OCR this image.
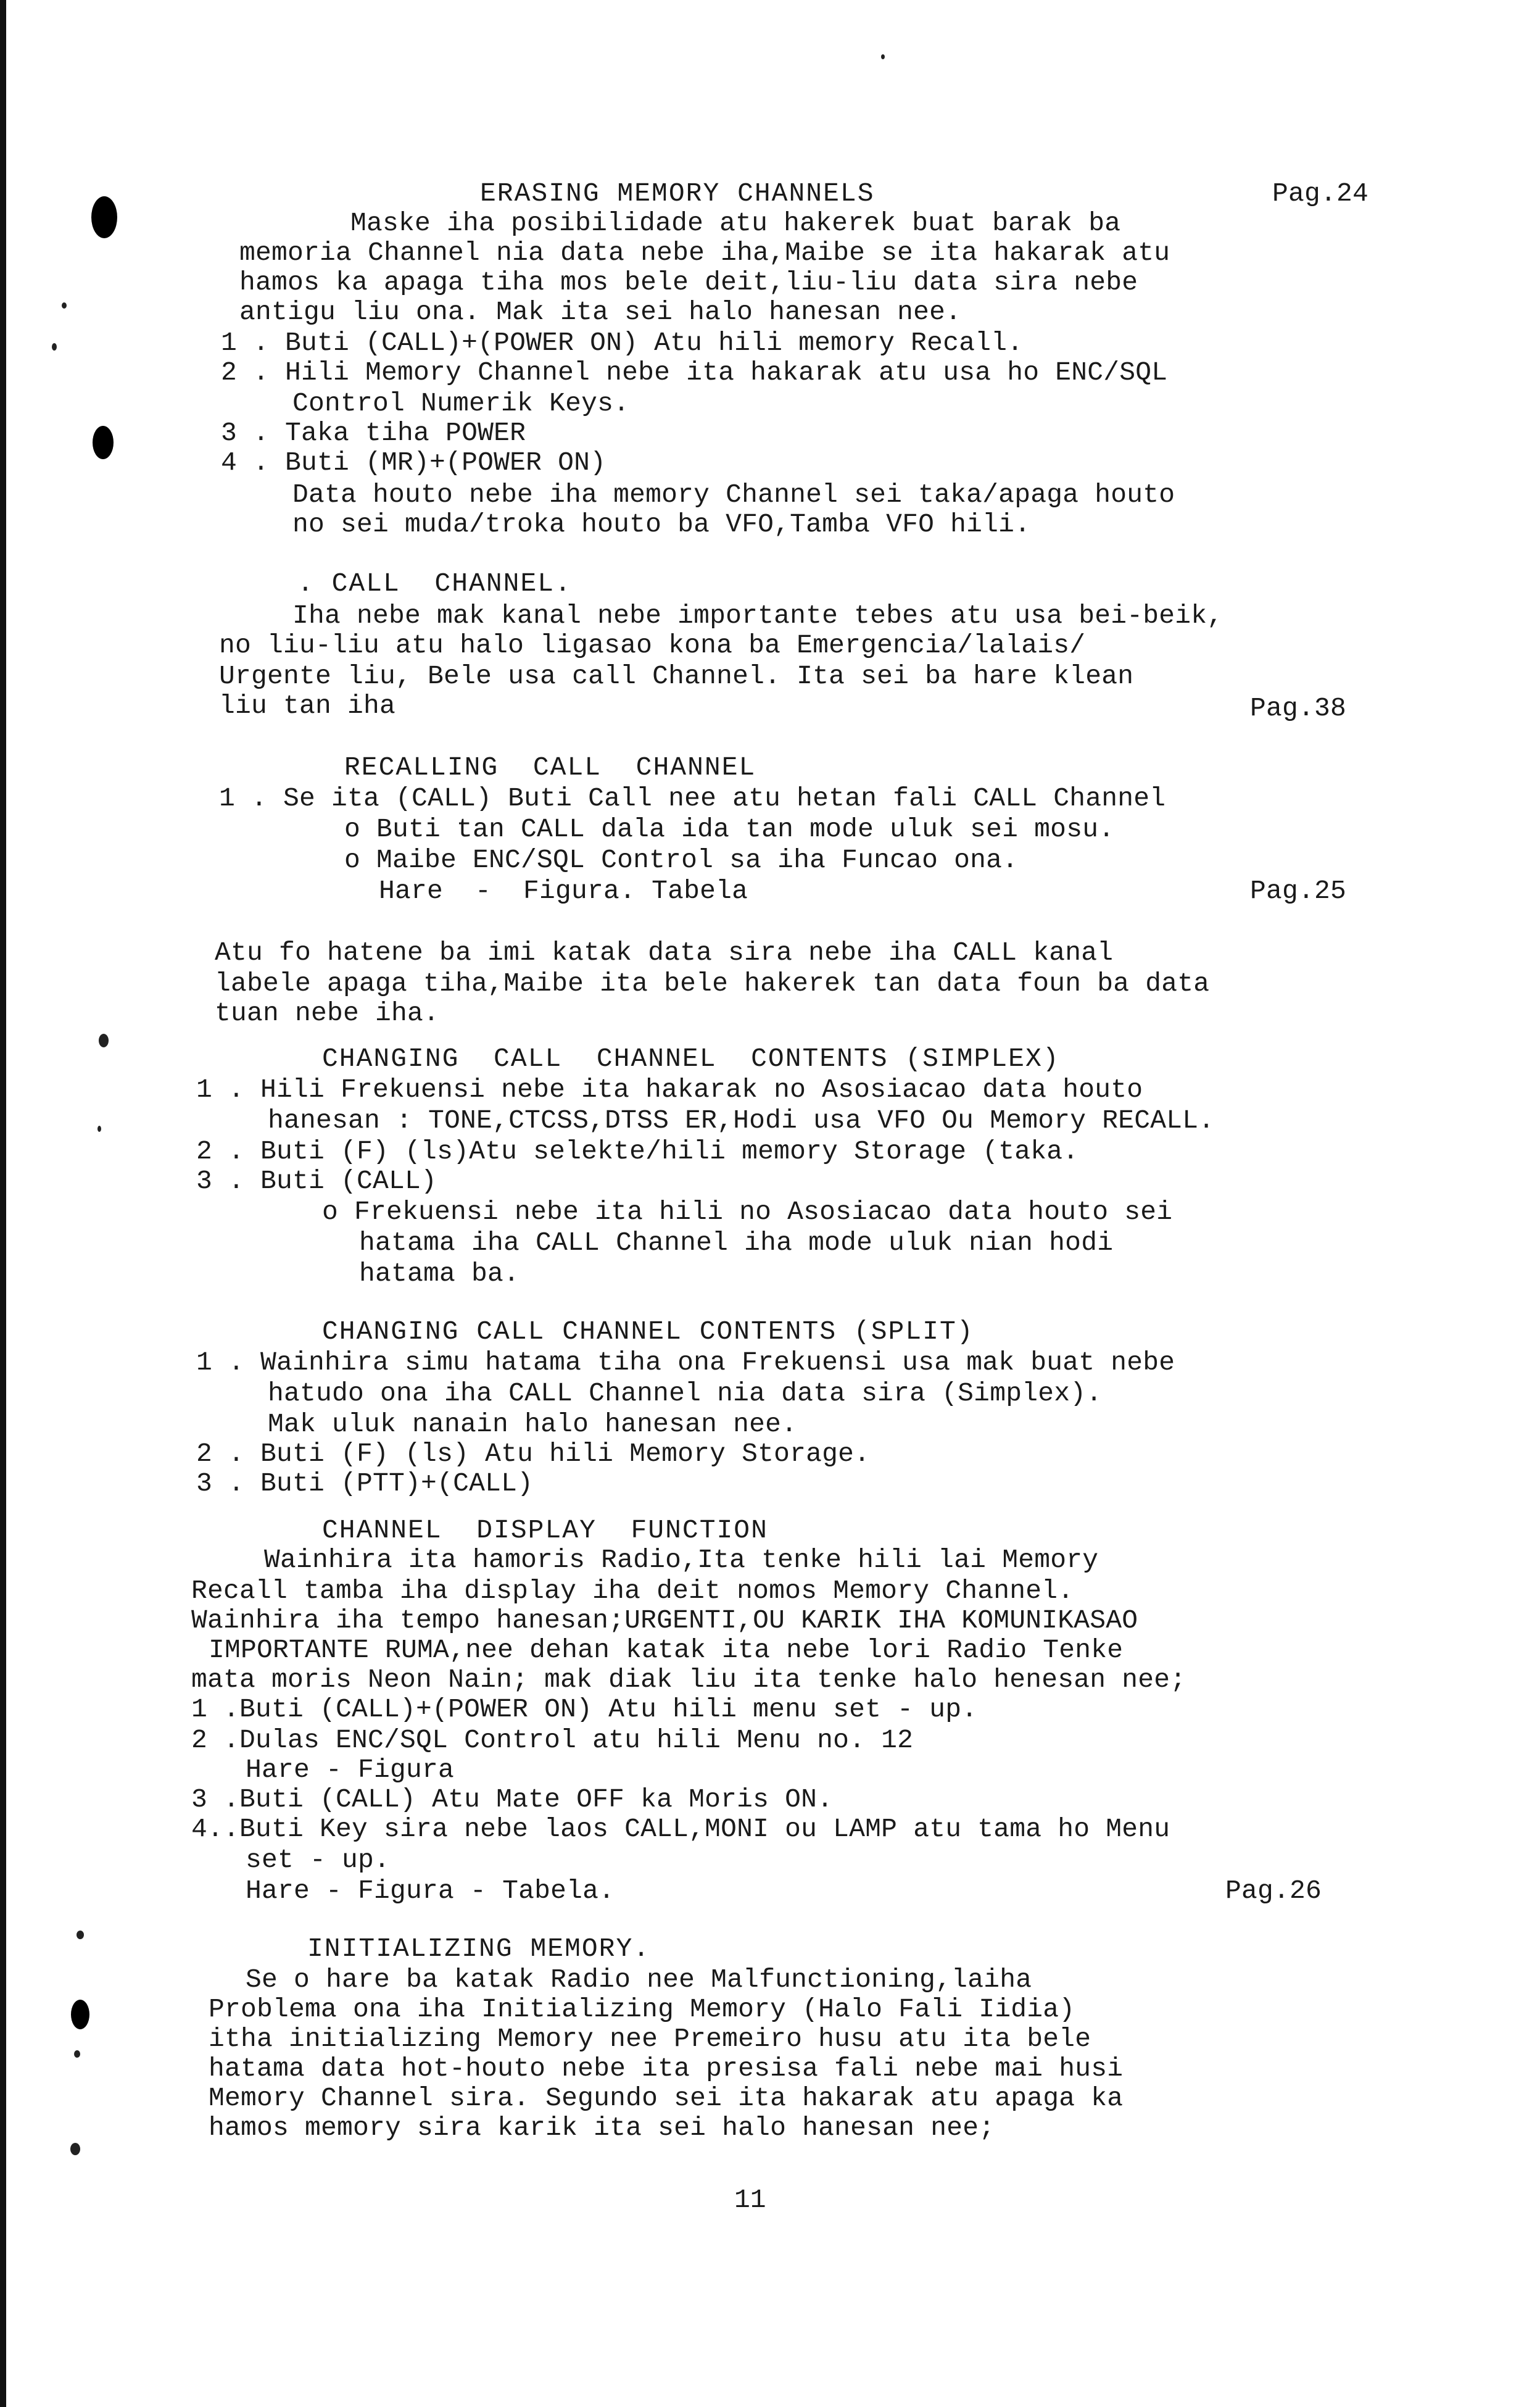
ERASING MEMORY CHANNELS	Pag.24
Maske iha posibilidade atu hakerek buat barak ba
memoria Channel nia data nebe iha,Maibe se ita hakarak atu
hamos ka apaga tiha mos bele deit,liu-liu data sira nebe
antigu liu ona. Mak ita sei halo hanesan nee.
1 . Buti (CALL)+(POWER ON) Atu hili memory Recall.
2 . Hili Memory Channel nebe ita hakarak atu usa ho ENC/SQL
Control Numerik Keys.
3 . Taka tiha POWER
4 . Buti (MR)+(POWER ON)
Data houto nebe iha memory Channel sei taka/apaga houto
no sei muda/troka houto ba VFO,Tamba VFO hili.
. CALL  CHANNEL.
Iha nebe mak kanal nebe importante tebes atu usa bei-beik,
no liu-liu atu halo ligasao kona ba Emergencia/lalais/
Urgente liu, Bele usa call Channel. Ita sei ba hare klean
liu tan iha	Pag.38
RECALLING  CALL  CHANNEL
1 . Se ita (CALL) Buti Call nee atu hetan fali CALL Channel
o Buti tan CALL dala ida tan mode uluk sei mosu.
o Maibe ENC/SQL Control sa iha Funcao ona.
Hare  -  Figura. Tabela	Pag.25
Atu fo hatene ba imi katak data sira nebe iha CALL kanal
labele apaga tiha,Maibe ita bele hakerek tan data foun ba data
tuan nebe iha.
CHANGING  CALL  CHANNEL  CONTENTS (SIMPLEX)
1 . Hili Frekuensi nebe ita hakarak no Asosiacao data houto
hanesan : TONE,CTCSS,DTSS ER,Hodi usa VFO Ou Memory RECALL.
2 . Buti (F) (ls)Atu selekte/hili memory Storage (taka.
3 . Buti (CALL)
o Frekuensi nebe ita hili no Asosiacao data houto sei
hatama iha CALL Channel iha mode uluk nian hodi
hatama ba.
CHANGING CALL CHANNEL CONTENTS (SPLIT)
1 . Wainhira simu hatama tiha ona Frekuensi usa mak buat nebe
hatudo ona iha CALL Channel nia data sira (Simplex).
Mak uluk nanain halo hanesan nee.
2 . Buti (F) (ls) Atu hili Memory Storage.
3 . Buti (PTT)+(CALL)
CHANNEL  DISPLAY  FUNCTION
Wainhira ita hamoris Radio,Ita tenke hili lai Memory
Recall tamba iha display iha deit nomos Memory Channel.
Wainhira iha tempo hanesan;URGENTI,OU KARIK IHA KOMUNIKASAO
IMPORTANTE RUMA,nee dehan katak ita nebe lori Radio Tenke
mata moris Neon Nain; mak diak liu ita tenke halo henesan nee;
1 .Buti (CALL)+(POWER ON) Atu hili menu set - up.
2 .Dulas ENC/SQL Control atu hili Menu no. 12
Hare - Figura
3 .Buti (CALL) Atu Mate OFF ka Moris ON.
4..Buti Key sira nebe laos CALL,MONI ou LAMP atu tama ho Menu
set - up.
Hare - Figura - Tabela.	Pag.26
INITIALIZING MEMORY.
Se o hare ba katak Radio nee Malfunctioning,laiha
Problema ona iha Initializing Memory (Halo Fali Iidia)
itha initializing Memory nee Premeiro husu atu ita bele
hatama data hot-houto nebe ita presisa fali nebe mai husi
Memory Channel sira. Segundo sei ita hakarak atu apaga ka
hamos memory sira karik ita sei halo hanesan nee;
11
